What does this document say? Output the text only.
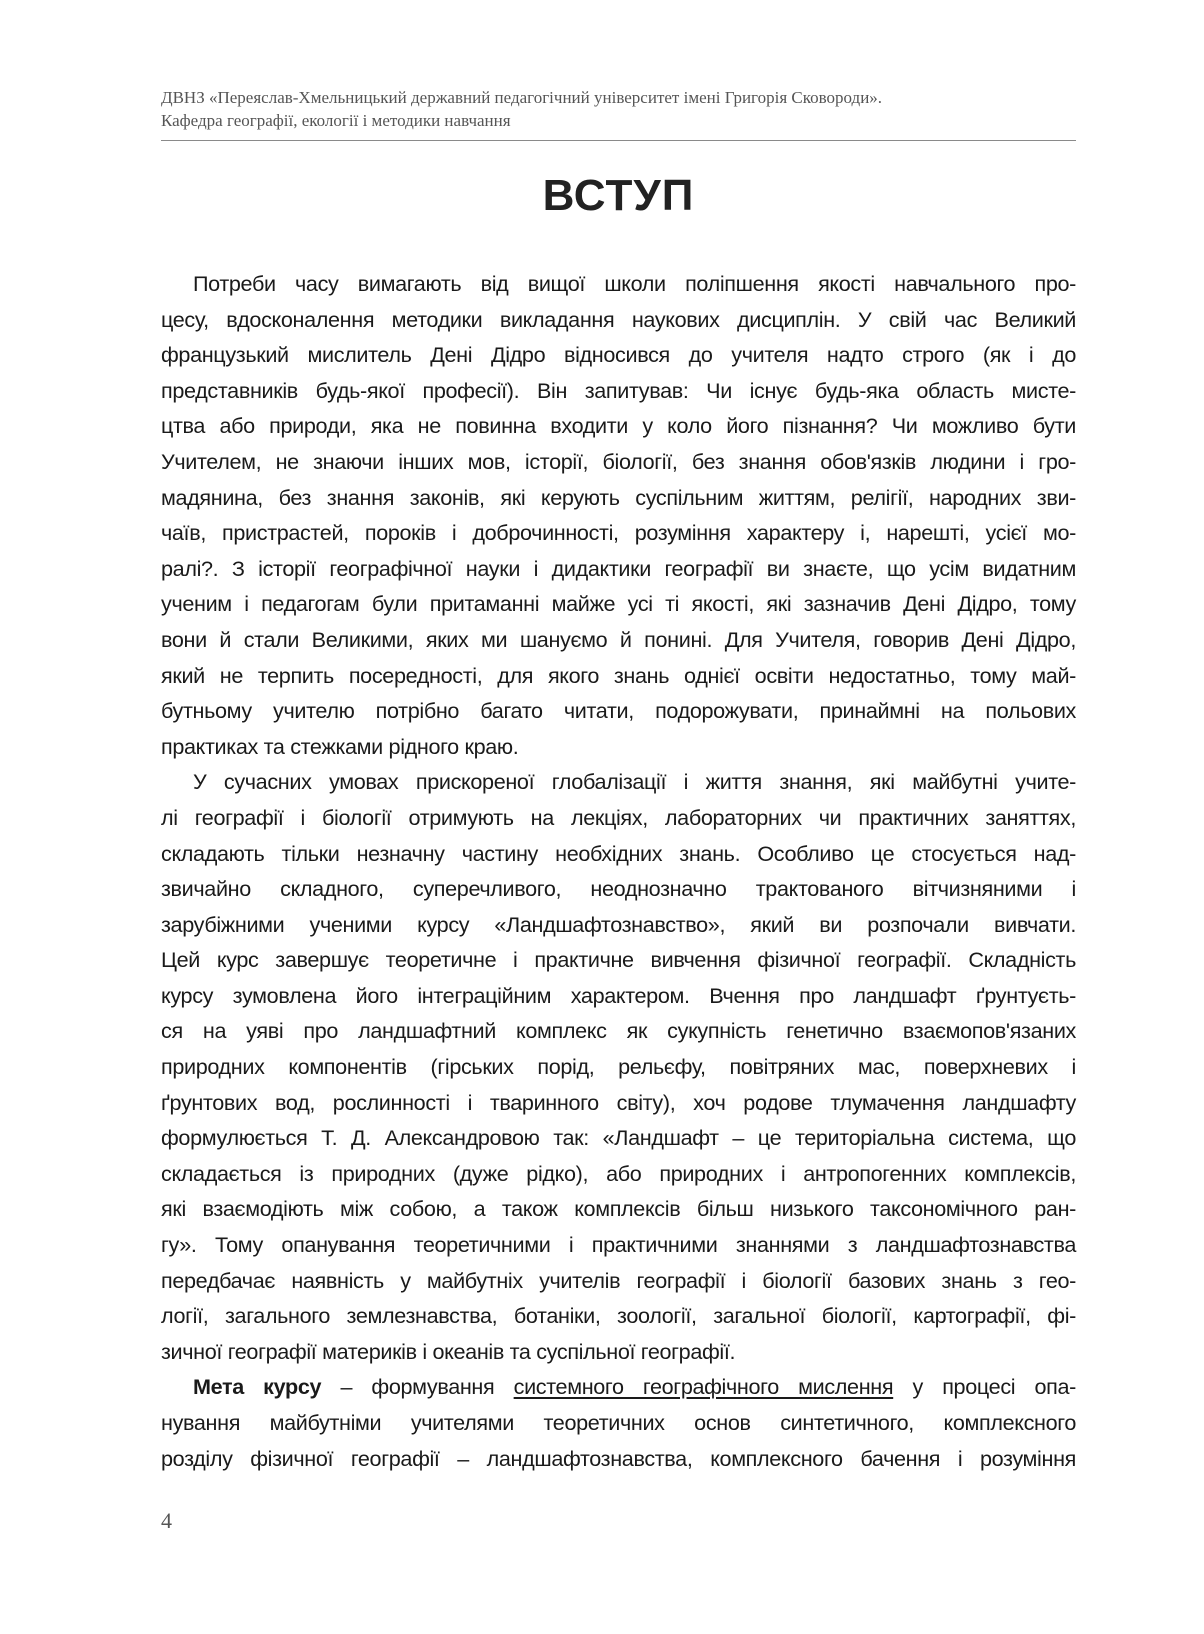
ДВНЗ «Переяслав-Хмельницький державний педагогічний університет імені Григорія Сковороди».
Кафедра географії, екології і методики навчання
ВСТУП
Потреби часу вимагають від вищої школи поліпшення якості навчального про-
цесу, вдосконалення методики викладання наукових дисциплін. У свій час Великий
французький мислитель Дені Дідро відносився до учителя надто строго (як і до
представників будь-якої професії). Він запитував: Чи існує будь-яка область мисте-
цтва або природи, яка не повинна входити у коло його пізнання? Чи можливо бути
Учителем, не знаючи інших мов, історії, біології, без знання обов'язків людини і гро-
мадянина, без знання законів, які керують суспільним життям, релігії, народних зви-
чаїв, пристрастей, пороків і доброчинності, розуміння характеру і, нарешті, усієї мо-
ралі?. З історії географічної науки і дидактики географії ви знаєте, що усім видатним
ученим і педагогам були притаманні майже усі ті якості, які зазначив Дені Дідро, тому
вони й стали Великими, яких ми шануємо й понині. Для Учителя, говорив Дені Дідро,
який не терпить посередності, для якого знань однієї освіти недостатньо, тому май-
бутньому учителю потрібно багато читати, подорожувати, принаймні на польових
практиках та стежками рідного краю.
У сучасних умовах прискореної глобалізації і життя знання, які майбутні учите-
лі географії і біології отримують на лекціях, лабораторних чи практичних заняттях,
складають тільки незначну частину необхідних знань. Особливо це стосується над-
звичайно складного, суперечливого, неоднозначно трактованого вітчизняними і
зарубіжними ученими курсу «Ландшафтознавство», який ви розпочали вивчати.
Цей курс завершує теоретичне і практичне вивчення фізичної географії. Складність
курсу зумовлена його інтеграційним характером. Вчення про ландшафт ґрунтуєть-
ся на уяві про ландшафтний комплекс як сукупність генетично взаємопов'язаних
природних компонентів (гірських порід, рельєфу, повітряних мас, поверхневих і
ґрунтових вод, рослинності і тваринного світу), хоч родове тлумачення ландшафту
формулюється Т. Д. Александровою так: «Ландшафт – це територіальна система, що
складається із природних (дуже рідко), або природних і антропогенних комплексів,
які взаємодіють між собою, а також комплексів більш низького таксономічного ран-
гу». Тому опанування теоретичними і практичними знаннями з ландшафтознавства
передбачає наявність у майбутніх учителів географії і біології базових знань з гео-
логії, загального землезнавства, ботаніки, зоології, загальної біології, картографії, фі-
зичної географії материків і океанів та суспільної географії.
Мета курсу – формування системного географічного мислення у процесі опа-
нування майбутніми учителями теоретичних основ синтетичного, комплексного
розділу фізичної географії – ландшафтознавства, комплексного бачення і розуміння
4
